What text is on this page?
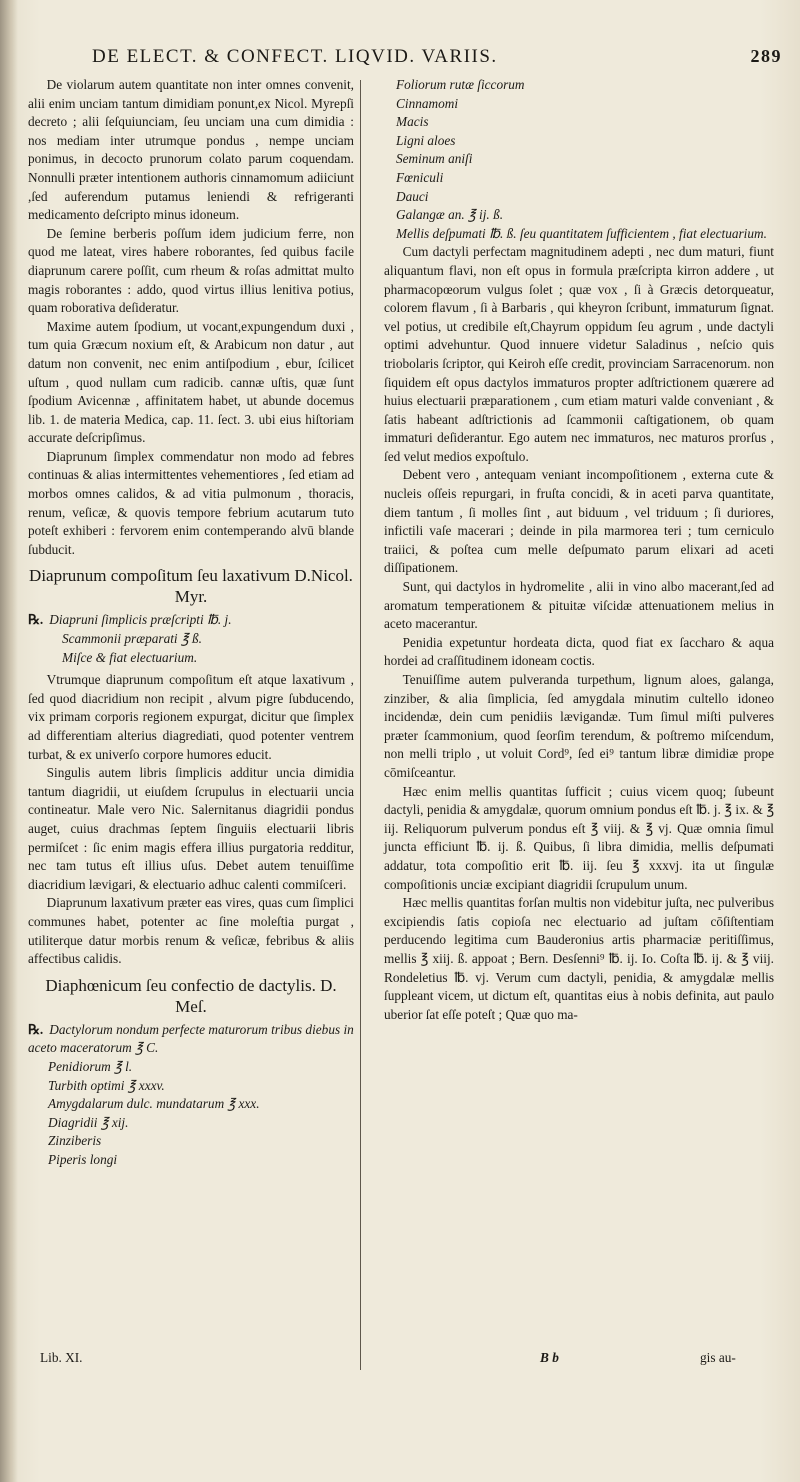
DE ELECT. & CONFECT. LIQVID. VARIIS.	289

De violarum autem quantitate non inter omnes convenit, alii enim unciam tantum dimidiam ponunt,ex Nicol. Myrepſi decreto ; alii ſeſquiunciam, ſeu unciam una cum dimidia : nos mediam inter utrumque pondus , nempe unciam ponimus, in decocto prunorum colato parum coquendam. Nonnulli præter intentionem authoris cinnamomum adiiciunt ,ſed auferendum putamus leniendi & refrigeranti medicamento deſcripto minus idoneum.

De ſemine berberis poſſum idem judicium ferre, non quod me lateat, vires habere roborantes, ſed quibus facile diaprunum carere poſſit, cum rheum & roſas admittat multo magis roborantes : addo, quod virtus illius lenitiva potius, quam roborativa deſideratur.

Maxime autem ſpodium, ut vocant,expungendum duxi , tum quia Græcum noxium eſt, & Arabicum non datur , aut datum non convenit, nec enim antiſpodium , ebur, ſcilicet uſtum , quod nullam cum radicib. cannæ uſtis, quæ ſunt ſpodium Avicennæ , affinitatem habet, ut abunde docemus lib. 1. de materia Medica, cap. 11. ſect. 3. ubi eius hiſtoriam accurate deſcripſimus.

Diaprunum ſimplex commendatur non modo ad febres continuas & alias intermittentes vehementiores , ſed etiam ad morbos omnes calidos, & ad vitia pulmonum , thoracis, renum, veſicæ, & quovis tempore febrium acutarum tuto poteſt exhiberi : fervorem enim contemperando alvū blande ſubducit.

Diaprunum compoſitum ſeu laxativum D.Nicol. Myr.
℞. Diapruni ſimplicis præſcripti ℔. j.
Scammonii præparati ℥ ß.
Miſce & fiat electuarium.

Vtrumque diaprunum compoſitum eſt atque laxativum , ſed quod diacridium non recipit , alvum pigre ſubducendo, vix primam corporis regionem expurgat, dicitur que ſimplex ad differentiam alterius diagrediati, quod potenter ventrem turbat, & ex univerſo corpore humores educit.

Singulis autem libris ſimplicis additur uncia dimidia tantum diagridii, ut eiuſdem ſcrupulus in electuarii uncia contineatur. Male vero Nic. Salernitanus diagridii pondus auget, cuius drachmas ſeptem ſinguiis electuarii libris permiſcet : ſic enim magis effera illius purgatoria redditur, nec tam tutus eſt illius uſus. Debet autem tenuiſſime diacridium lævigari, & electuario adhuc calenti commiſceri.

Diaprunum laxativum præter eas vires, quas cum ſimplici communes habet, potenter ac ſine moleſtia purgat , utiliterque datur morbis renum & veſicæ, febribus & aliis affectibus calidis.

Diaphœnicum ſeu confectio de dactylis. D. Meſ.
℞. Dactylorum nondum perfecte maturorum tribus diebus in aceto maceratorum ℥ C.
Penidiorum ℥ l.
Turbith optimi ℥ xxxv.
Amygdalarum dulc. mundatarum ℥ xxx.
Diagridii ℥ xij.
Zinziberis
Piperis longi
Foliorum rutæ ſiccorum
Cinnamomi
Macis
Ligni aloes
Seminum aniſi
Fœniculi
Dauci
Galangæ an. ℥ ij. ß.
Mellis deſpumati ℔. ß. ſeu quantitatem ſufficientem , fiat electuarium.

Cum dactyli perfectam magnitudinem adepti , nec dum maturi, fiunt aliquantum flavi, non eſt opus in formula præſcripta kirron addere , ut pharmacopœorum vulgus ſolet ; quæ vox , ſi à Græcis detorqueatur, colorem flavum , ſi à Barbaris , qui kheyron ſcribunt, immaturum ſignat. vel potius, ut credibile eſt,Chayrum oppidum ſeu agrum , unde dactyli optimi advehuntur. Quod innuere videtur Saladinus , neſcio quis triobolaris ſcriptor, qui Keiroh eſſe credit, provinciam Sarracenorum. non ſiquidem eſt opus dactylos immaturos propter adſtrictionem quærere ad huius electuarii præparationem , cum etiam maturi valde conveniant , & ſatis habeant adſtrictionis ad ſcammonii caſtigationem, ob quam immaturi deſiderantur. Ego autem nec immaturos, nec maturos prorſus , ſed velut medios expoſtulo.

Debent vero , antequam veniant incompoſitionem , externa cute & nucleis oſſeis repurgari, in fruſta concidi, & in aceti parva quantitate, diem tantum , ſi molles ſint , aut biduum , vel triduum ; ſi duriores, infictili vaſe macerari ; deinde in pila marmorea teri ; tum cerniculo traiici, & poſtea cum melle deſpumato parum elixari ad aceti diſſipationem.

Sunt, qui dactylos in hydromelite , alii in vino albo macerant,ſed ad aromatum temperationem & pituitæ viſcidæ attenuationem melius in aceto macerantur.

Penidia expetuntur hordeata dicta, quod fiat ex ſaccharo & aqua hordei ad craſſitudinem idoneam coctis.

Tenuiſſime autem pulveranda turpethum, lignum aloes, galanga, zinziber, & alia ſimplicia, ſed amygdala minutim cultello idoneo incidendæ, dein cum penidiis lævigandæ. Tum ſimul miſti pulveres præter ſcammonium, quod ſeorſim terendum, & poſtremo miſcendum, non melli triplo , ut voluit Cord⁹, ſed ei⁹ tantum libræ dimidiæ prope cōmiſceantur.

Hæc enim mellis quantitas ſufficit ; cuius vicem quoq; ſubeunt dactyli, penidia & amygdalæ, quorum omnium pondus eſt ℔. j. ℥ ix. & ℥ iij. Reliquorum pulverum pondus eſt ℥ viij. & ℥ vj. Quæ omnia ſimul juncta efficiunt ℔. ij. ß. Quibus, ſi libra dimidia, mellis deſpumati addatur, tota compoſitio erit ℔. iij. ſeu ℥ xxxvj. ita ut ſingulæ compoſitionis unciæ excipiant diagridii ſcrupulum unum.

Hæc mellis quantitas forſan multis non videbitur juſta, nec pulveribus excipiendis ſatis copioſa nec electuario ad juſtam cōſiſtentiam perducendo legitima cum Bauderonius artis pharmaciæ peritiſſimus, mellis ℥ xiij. ß. appoat ; Bern. Desſenni⁹ ℔. ij. Io. Coſta ℔. ij. & ℥ viij. Rondeletius ℔. vj. Verum cum dactyli, penidia, & amygdalæ mellis ſuppleant vicem, ut dictum eſt, quantitas eius à nobis definita, aut paulo uberior ſat eſſe poteſt ; Quæ quo ma-

Lib. XI.	B b	gis au-
